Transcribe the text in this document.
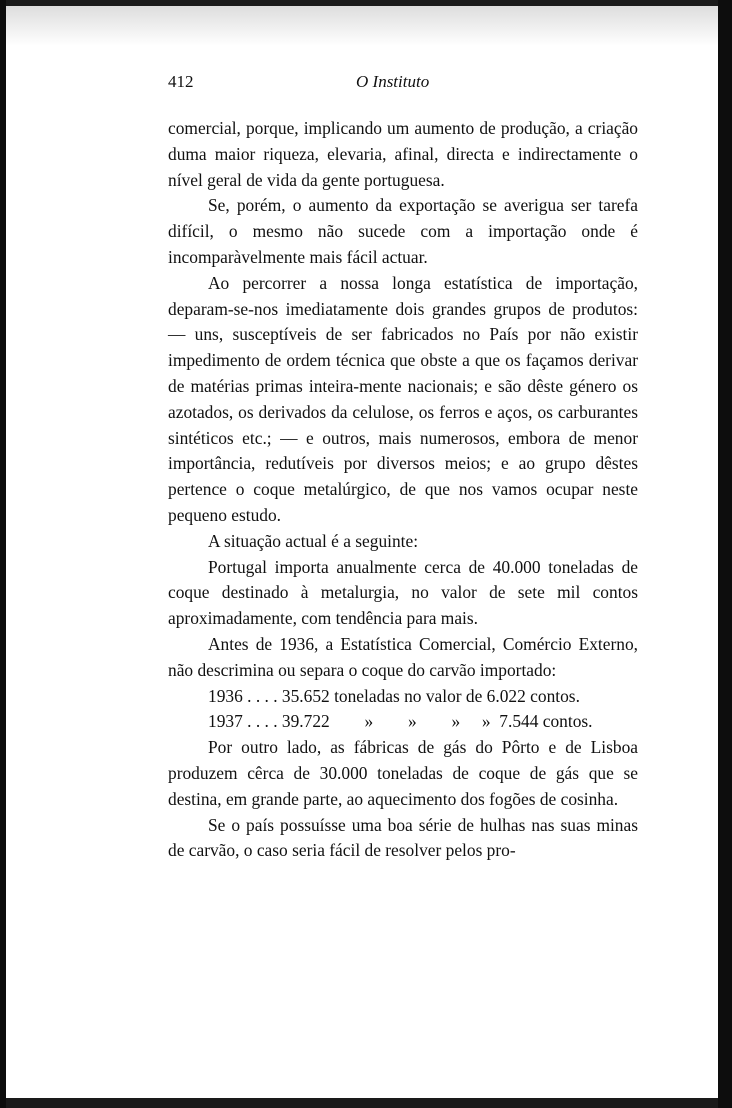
412	O Instituto

comercial, porque, implicando um aumento de produção, a criação duma maior riqueza, elevaria, afinal, directa e indirectamente o nível geral de vida da gente portuguesa.

Se, porém, o aumento da exportação se averigua ser tarefa difícil, o mesmo não sucede com a importação onde é incomparàvelmente mais fácil actuar.

Ao percorrer a nossa longa estatística de importação, deparam-se-nos imediatamente dois grandes grupos de produtos: — uns, susceptíveis de ser fabricados no País por não existir impedimento de ordem técnica que obste a que os façamos derivar de matérias primas inteira-mente nacionais; e são dêste género os azotados, os derivados da celulose, os ferros e aços, os carburantes sintéticos etc.; — e outros, mais numerosos, embora de menor importância, redutíveis por diversos meios; e ao grupo dêstes pertence o coque metalúrgico, de que nos vamos ocupar neste pequeno estudo.

A situação actual é a seguinte:

Portugal importa anualmente cerca de 40.000 toneladas de coque destinado à metalurgia, no valor de sete mil contos aproximadamente, com tendência para mais.

Antes de 1936, a Estatística Comercial, Comércio Externo, não descrimina ou separa o coque do carvão importado:

1936 . . . . 35.652 toneladas no valor de 6.022 contos.
1937 . . . . 39.722        »        »        »     »  7.544 contos.

Por outro lado, as fábricas de gás do Pôrto e de Lisboa produzem cêrca de 30.000 toneladas de coque de gás que se destina, em grande parte, ao aquecimento dos fogões de cosinha.

Se o país possuísse uma boa série de hulhas nas suas minas de carvão, o caso seria fácil de resolver pelos pro-
